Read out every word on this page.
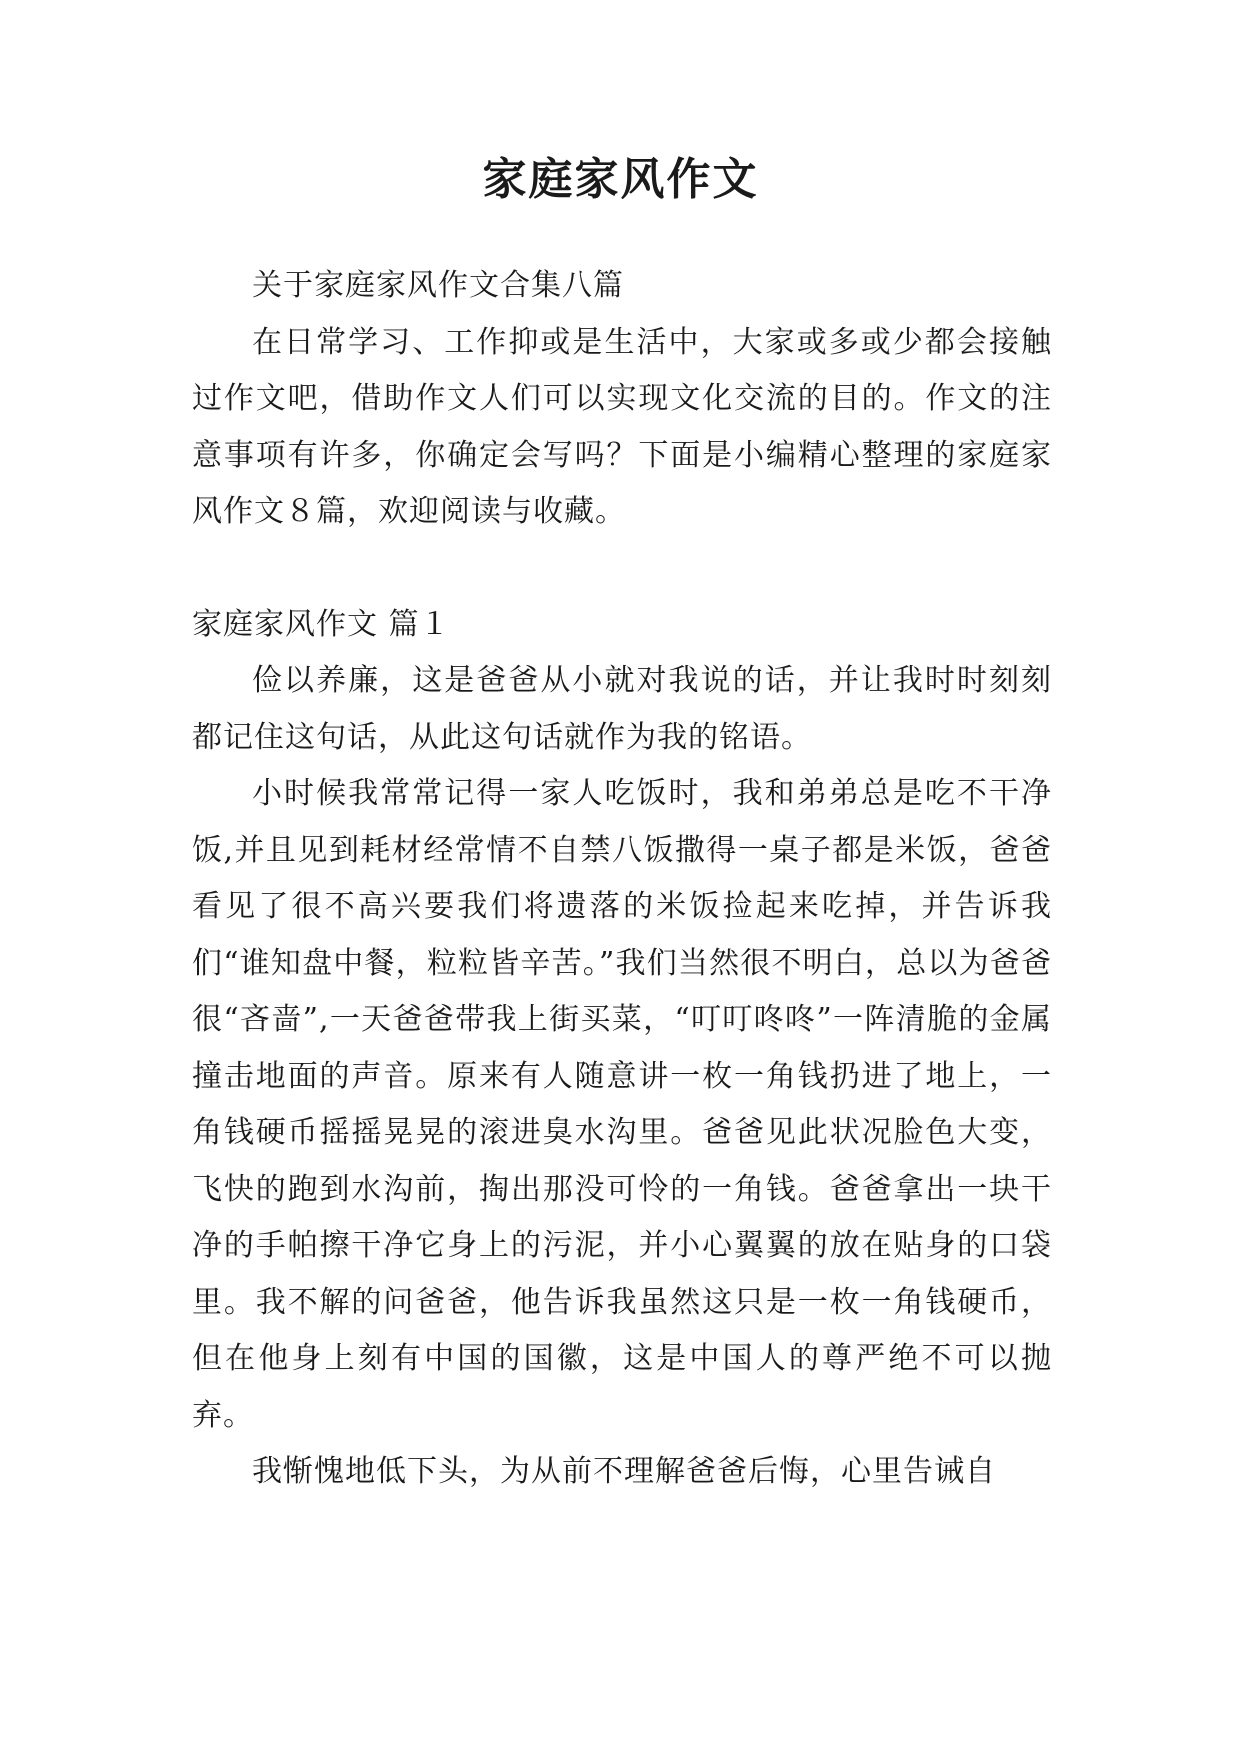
家庭家风作文

关于家庭家风作文合集八篇

在日常学习、工作抑或是生活中，大家或多或少都会接触过作文吧，借助作文人们可以实现文化交流的目的。作文的注意事项有许多，你确定会写吗？下面是小编精心整理的家庭家风作文８篇，欢迎阅读与收藏。

家庭家风作文 篇１

俭以养廉，这是爸爸从小就对我说的话，并让我时时刻刻都记住这句话，从此这句话就作为我的铭语。

小时候我常常记得一家人吃饭时，我和弟弟总是吃不干净饭,并且见到耗材经常情不自禁八饭撒得一桌子都是米饭，爸爸看见了很不高兴要我们将遗落的米饭捡起来吃掉，并告诉我们“谁知盘中餐，粒粒皆辛苦。”我们当然很不明白，总以为爸爸很“吝啬”,一天爸爸带我上街买菜，“叮叮咚咚”一阵清脆的金属撞击地面的声音。原来有人随意讲一枚一角钱扔进了地上，一角钱硬币摇摇晃晃的滚进臭水沟里。爸爸见此状况脸色大变，飞快的跑到水沟前，掏出那没可怜的一角钱。爸爸拿出一块干净的手帕擦干净它身上的污泥，并小心翼翼的放在贴身的口袋里。我不解的问爸爸，他告诉我虽然这只是一枚一角钱硬币，但在他身上刻有中国的国徽，这是中国人的尊严绝不可以抛弃。

我惭愧地低下头，为从前不理解爸爸后悔，心里告诫自
